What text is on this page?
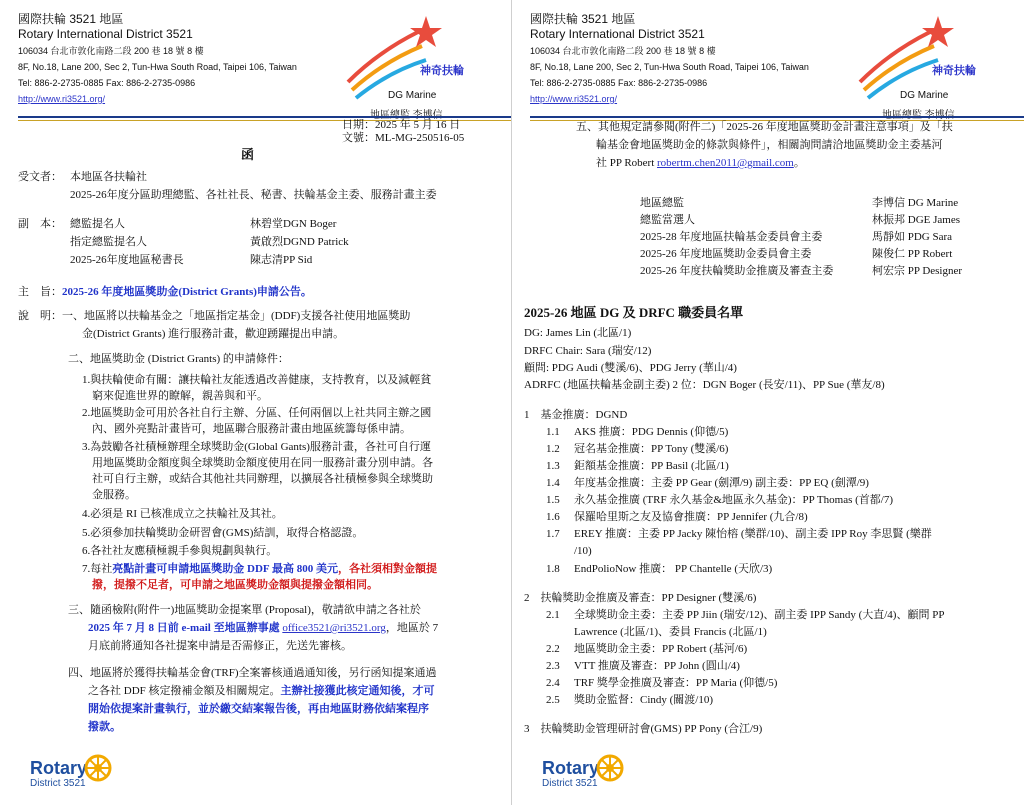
國際扶輪 3521 地區
Rotary International District 3521
106034 台北市敦化南路二段 200 巷 18 號 8 樓
8F, No.18, Lane 200, Sec 2, Tun-Hwa South Road, Taipei 106, Taiwan
Tel: 886-2-2735-0885 Fax: 886-2-2735-0986
http://www.ri3521.org/
神奇扶輪
DG Marine
日期：2025 年 5 月 16 日
文號：ML-MG-250516-05
函
受文者： 本地區各扶輪社
2025-26年度分區助理總監、各社社長、秘書、扶輪基金主委、服務計畫主委
副　本： 總監提名人	林碧堂DGN Boger
指定總監提名人	黃啟烈DGND Patrick
2025-26年度地區秘書長	陳志清PP Sid
主　旨： 2025-26 年度地區獎助金(District Grants)申請公告。
說　明： 一、地區將以扶輪基金之「地區指定基金」(DDF)支援各社使用地區獎助
金(District Grants) 進行服務計畫，歡迎踴躍提出申請。
二、地區獎助金 (District Grants) 的申請條件：
1.與扶輪使命有關：讓扶輪社友能透過改善健康，支持教育，以及減輕貧
窮來促進世界的瞭解，親善與和平。
2.地區獎助金可用於各社自行主辦、分區、任何兩個以上社共同主辦之國
內、國外亮點計畫皆可，地區聯合服務計畫由地區統籌每係申請。
3.為鼓勵各社積極辦理全球獎助金(Global Gants)服務計畫，各社可自行運
用地區獎助金額度與全球獎助金額度使用在同一服務計畫分別申請。各
社可自行主辦，或結合其他社共同辦理，以擴展各社積極參與全球獎助
金服務。
4.必須是 RI 已核准成立之扶輪社及其社。
5.必須參加扶輪獎助金研習會(GMS)結訓，取得合格認證。
6.各社社友應積極親手參與規劃與執行。
7.每社亮點計畫可申請地區獎助金 DDF 最高 800 美元，各社須相對金額提
撥，提撥不足者，可申請之地區獎助金額與提撥金額相同。
三、隨函檢附(附件一)地區獎助金提案單 (Proposal)，敬請欲申請之各社於
2025 年 7 月 8 日前 e-mail 至地區辦事處 office3521@ri3521.org，地區於 7
月底前將通知各社提案申請是否需修正，先送先審核。
四、地區將於獲得扶輪基金會(TRF)全案審核通過通知後，另行函知提案通過
之各社 DDF 核定撥補金額及相關規定。主辦社接獲此核定通知後，才可
開始依提案計畫執行，並於繳交結案報告後，再由地區財務依結案程序
撥款。
Rotary
District 3521
國際扶輪 3521 地區
Rotary International District 3521
106034 台北市敦化南路二段 200 巷 18 號 8 樓
8F, No.18, Lane 200, Sec 2, Tun-Hwa South Road, Taipei 106, Taiwan
Tel: 886-2-2735-0885 Fax: 886-2-2735-0986
http://www.ri3521.org/
神奇扶輪
DG Marine
五、其他規定請參閱(附件二)「2025-26 年度地區獎助金計畫注意事項」及「扶
輪基金會地區獎助金的條款與條件」，相關詢問請洽地區獎助金主委基河
社 PP Robert robertm.chen2011@gmail.com。
地區總監	李博信 DG Marine
總監當選人	林振邦 DGE James
2025-28 年度地區扶輪基金委員會主委	馬靜如 PDG Sara
2025-26 年度地區獎助金委員會主委	陳俊仁 PP Robert
2025-26 年度扶輪獎助金推廣及審查主委	柯宏宗 PP Designer
2025-26 地區 DG 及 DRFC 職委員名單
DG: James Lin (北區/1)
DRFC Chair: Sara (瑞安/12)
顧問: PDG Audi (雙溪/6)、PDG Jerry (華山/4)
ADRFC (地區扶輪基金副主委) 2 位：DGN Boger (長安/11)、PP Sue (華友/8)
1　基金推廣：DGND
1.1 AKS 推廣：PDG Dennis (仰德/5)
1.2 冠名基金推廣：PP Tony (雙溪/6)
1.3 鉅額基金推廣：PP Basil (北區/1)
1.4 年度基金推廣：主委 PP Gear (劍潭/9) 副主委：PP EQ (劍潭/9)
1.5 永久基金推廣 (TRF 永久基金&地區永久基金)：PP Thomas (首都/7)
1.6 保羅哈里斯之友及協會推廣：PP Jennifer (九合/8)
1.7 EREY 推廣：主委 PP Jacky 陳怡榕 (樂群/10)、副主委 IPP Roy 李思賢 (樂群
/10)
1.8 EndPolioNow 推廣： PP Chantelle (天欣/3)
2　扶輪獎助金推廣及審查：PP Designer (雙溪/6)
2.1 全球獎助金主委：主委 PP Jiin (瑞安/12)、副主委 IPP Sandy (大直/4)、顧問 PP
Lawrence (北區/1)、委員 Francis (北區/1)
2.2 地區獎助金主委：PP Robert (基河/6)
2.3 VTT 推廣及審查：PP John (圓山/4)
2.4 TRF 獎學金推廣及審查：PP Maria (仰德/5)
2.5 獎助金監督：Cindy (關渡/10)
3　扶輪獎助金管理研討會(GMS) PP Pony (合江/9)
Rotary
District 3521
